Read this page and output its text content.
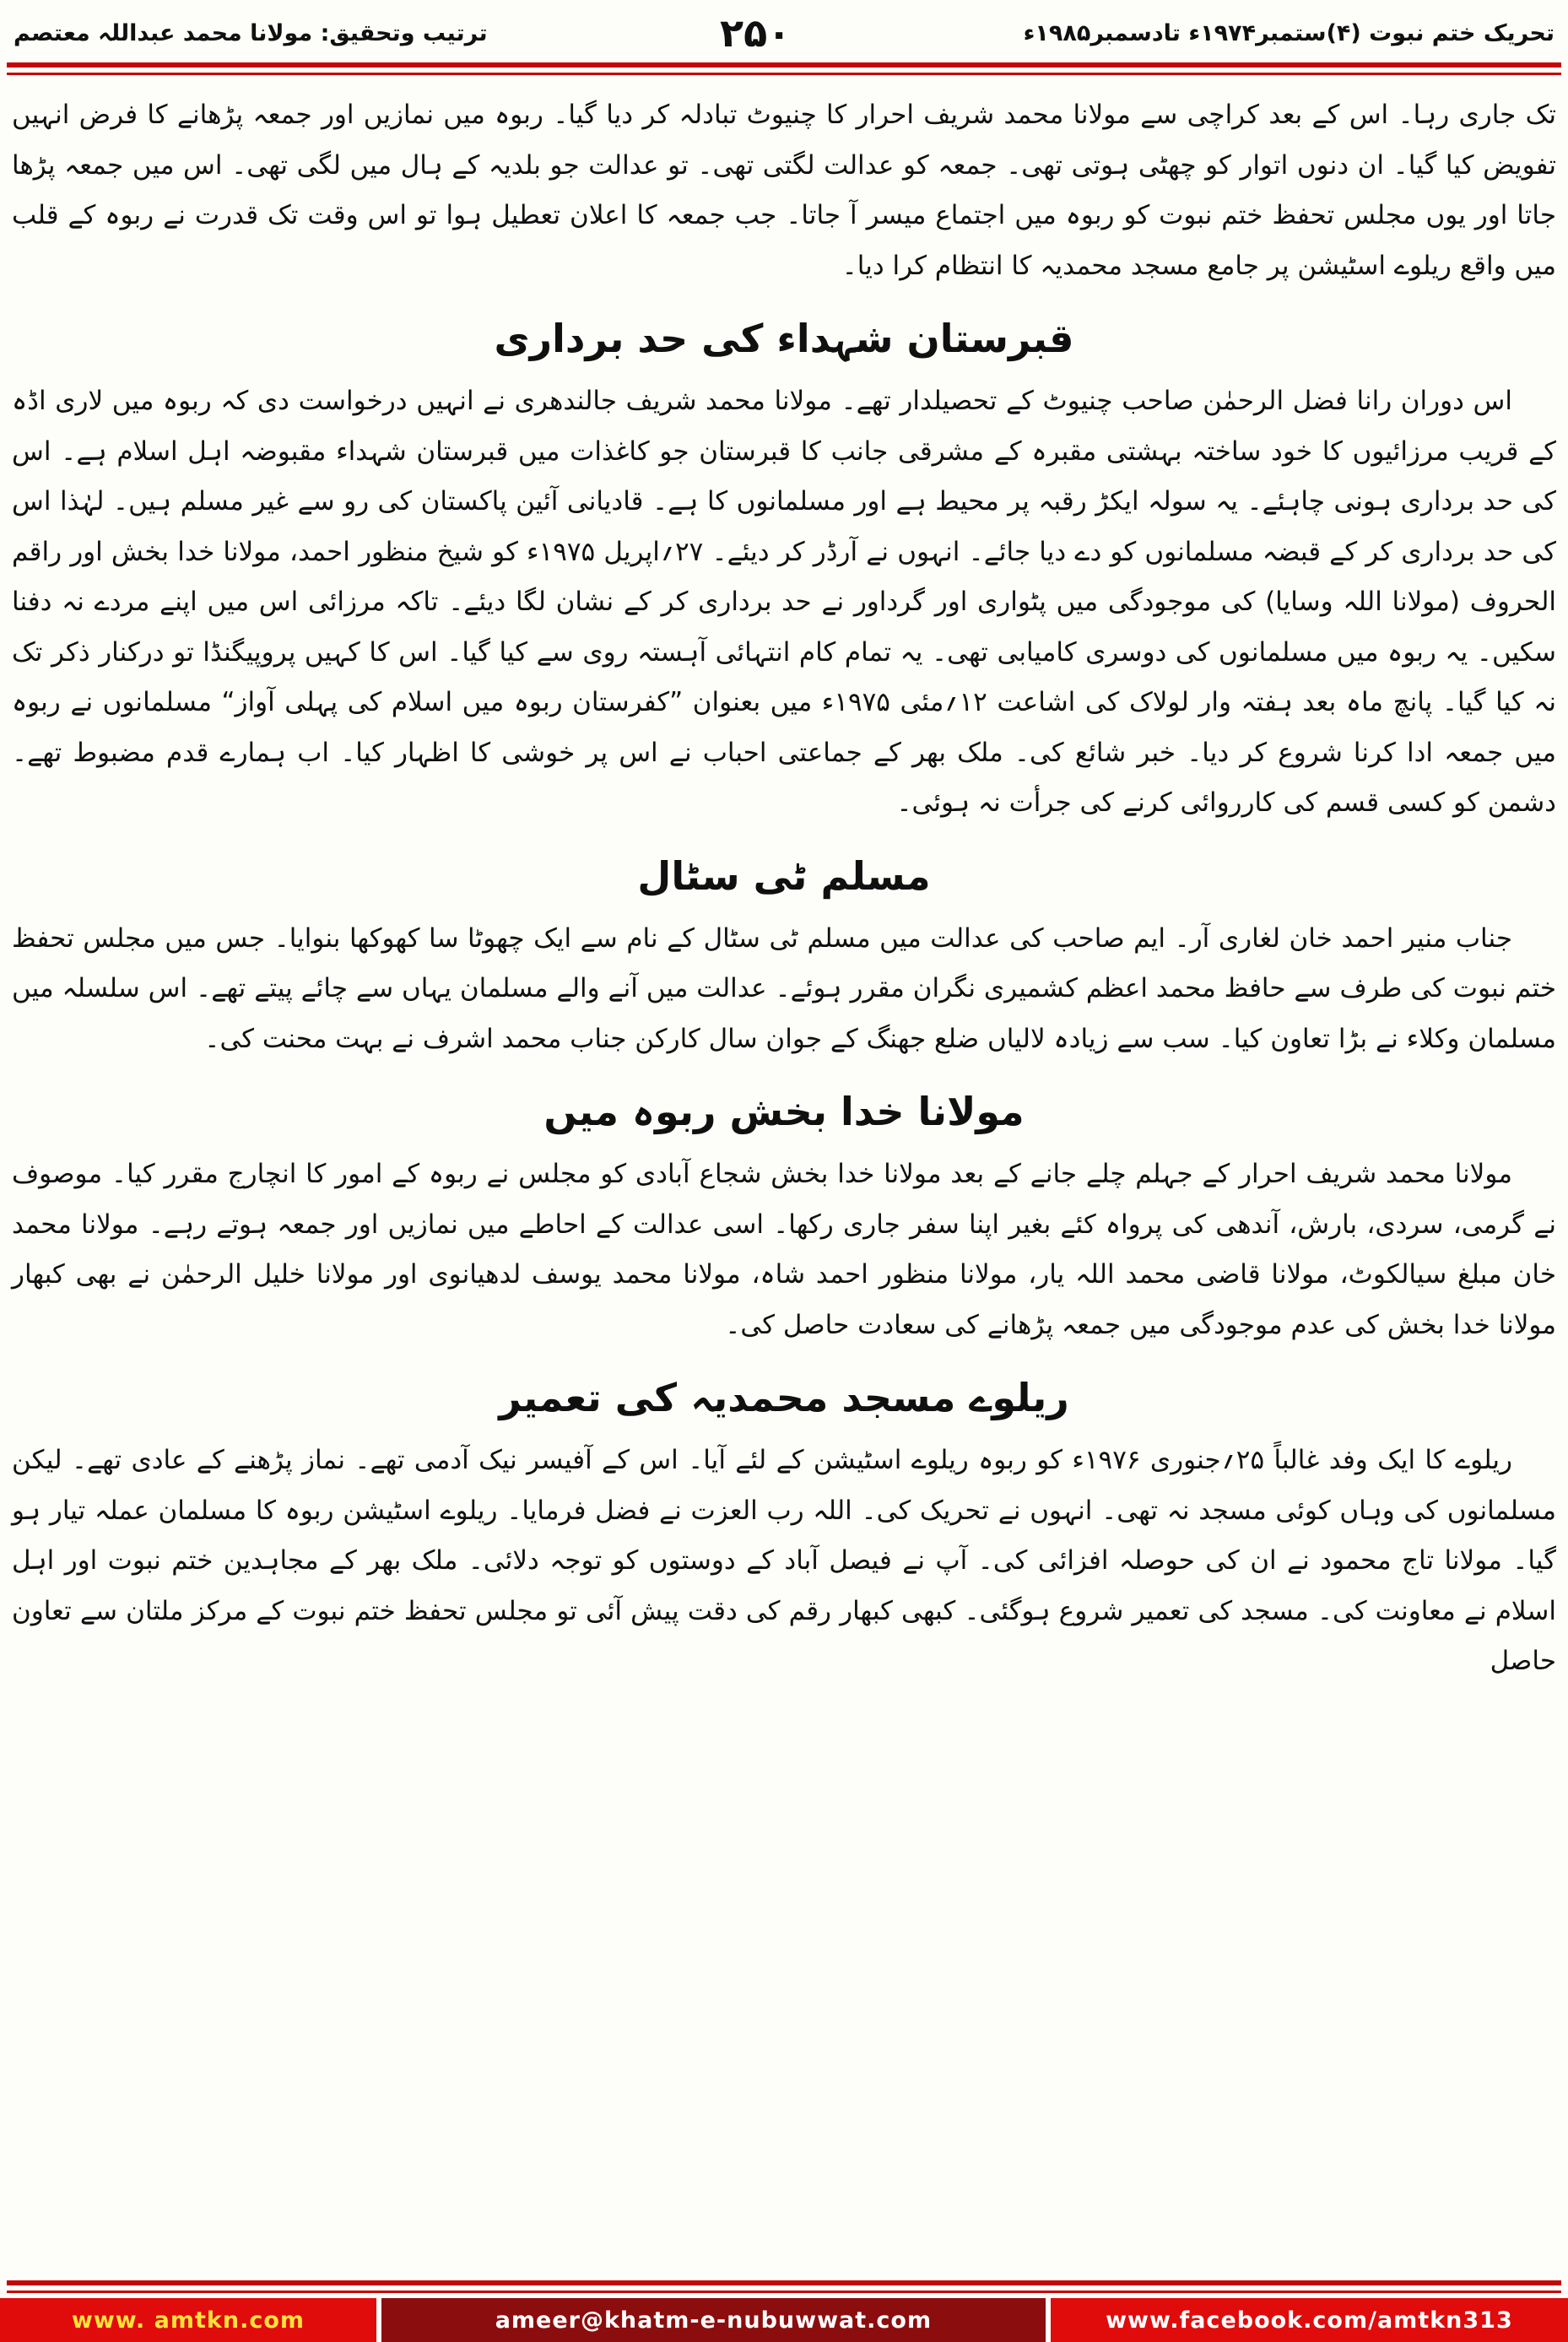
تحریک ختم نبوت (۴)ستمبر۱۹۷۴ء تادسمبر۱۹۸۵ء
۲۵۰
ترتیب وتحقیق: مولانا محمد عبداللہ معتصم

تک جاری رہا۔ اس کے بعد کراچی سے مولانا محمد شریف احرار کا چنیوٹ تبادلہ کر دیا گیا۔ ربوہ میں نمازیں اور جمعہ پڑھانے کا فرض انہیں تفویض کیا گیا۔ ان دنوں اتوار کو چھٹی ہوتی تھی۔ جمعہ کو عدالت لگتی تھی۔ تو عدالت جو بلدیہ کے ہال میں لگی تھی۔ اس میں جمعہ پڑھا جاتا اور یوں مجلس تحفظ ختم نبوت کو ربوہ میں اجتماع میسر آ جاتا۔ جب جمعہ کا اعلان تعطیل ہوا تو اس وقت تک قدرت نے ربوہ کے قلب میں واقع ریلوے اسٹیشن پر جامع مسجد محمدیہ کا انتظام کرا دیا۔

قبرستان شہداء کی حد برداری

اس دوران رانا فضل الرحمٰن صاحب چنیوٹ کے تحصیلدار تھے۔ مولانا محمد شریف جالندھری نے انہیں درخواست دی کہ ربوہ میں لاری اڈہ کے قریب مرزائیوں کا خود ساختہ بہشتی مقبرہ کے مشرقی جانب کا قبرستان جو کاغذات میں قبرستان شہداء مقبوضہ اہل اسلام ہے۔ اس کی حد برداری ہونی چاہئے۔ یہ سولہ ایکڑ رقبہ پر محیط ہے اور مسلمانوں کا ہے۔ قادیانی آئین پاکستان کی رو سے غیر مسلم ہیں۔ لہٰذا اس کی حد برداری کر کے قبضہ مسلمانوں کو دے دیا جائے۔ انہوں نے آرڈر کر دیئے۔ ۲۷؍اپریل ۱۹۷۵ء کو شیخ منظور احمد، مولانا خدا بخش اور راقم الحروف (مولانا اللہ وسایا) کی موجودگی میں پٹواری اور گرداور نے حد برداری کر کے نشان لگا دیئے۔ تاکہ مرزائی اس میں اپنے مردے نہ دفنا سکیں۔ یہ ربوہ میں مسلمانوں کی دوسری کامیابی تھی۔ یہ تمام کام انتہائی آہستہ روی سے کیا گیا۔ اس کا کہیں پروپیگنڈا تو درکنار ذکر تک نہ کیا گیا۔ پانچ ماہ بعد ہفتہ وار لولاک کی اشاعت ۱۲؍مئی ۱۹۷۵ء میں بعنوان ”کفرستان ربوہ میں اسلام کی پہلی آواز“ مسلمانوں نے ربوہ میں جمعہ ادا کرنا شروع کر دیا۔ خبر شائع کی۔ ملک بھر کے جماعتی احباب نے اس پر خوشی کا اظہار کیا۔ اب ہمارے قدم مضبوط تھے۔ دشمن کو کسی قسم کی کارروائی کرنے کی جرأت نہ ہوئی۔

مسلم ٹی سٹال

جناب منیر احمد خان لغاری آر۔ ایم صاحب کی عدالت میں مسلم ٹی سٹال کے نام سے ایک چھوٹا سا کھوکھا بنوایا۔ جس میں مجلس تحفظ ختم نبوت کی طرف سے حافظ محمد اعظم کشمیری نگران مقرر ہوئے۔ عدالت میں آنے والے مسلمان یہاں سے چائے پیتے تھے۔ اس سلسلہ میں مسلمان وکلاء نے بڑا تعاون کیا۔ سب سے زیادہ لالیاں ضلع جھنگ کے جوان سال کارکن جناب محمد اشرف نے بہت محنت کی۔

مولانا خدا بخش ربوہ میں

مولانا محمد شریف احرار کے جہلم چلے جانے کے بعد مولانا خدا بخش شجاع آبادی کو مجلس نے ربوہ کے امور کا انچارج مقرر کیا۔ موصوف نے گرمی، سردی، بارش، آندھی کی پرواہ کئے بغیر اپنا سفر جاری رکھا۔ اسی عدالت کے احاطے میں نمازیں اور جمعہ ہوتے رہے۔ مولانا محمد خان مبلغ سیالکوٹ، مولانا قاضی محمد اللہ یار، مولانا منظور احمد شاہ، مولانا محمد یوسف لدھیانوی اور مولانا خلیل الرحمٰن نے بھی کبھار مولانا خدا بخش کی عدم موجودگی میں جمعہ پڑھانے کی سعادت حاصل کی۔

ریلوے مسجد محمدیہ کی تعمیر

ریلوے کا ایک وفد غالباً ۲۵؍جنوری ۱۹۷۶ء کو ربوہ ریلوے اسٹیشن کے لئے آیا۔ اس کے آفیسر نیک آدمی تھے۔ نماز پڑھنے کے عادی تھے۔ لیکن مسلمانوں کی وہاں کوئی مسجد نہ تھی۔ انہوں نے تحریک کی۔ اللہ رب العزت نے فضل فرمایا۔ ریلوے اسٹیشن ربوہ کا مسلمان عملہ تیار ہو گیا۔ مولانا تاج محمود نے ان کی حوصلہ افزائی کی۔ آپ نے فیصل آباد کے دوستوں کو توجہ دلائی۔ ملک بھر کے مجاہدین ختم نبوت اور اہل اسلام نے معاونت کی۔ مسجد کی تعمیر شروع ہوگئی۔ کبھی کبھار رقم کی دقت پیش آئی تو مجلس تحفظ ختم نبوت کے مرکز ملتان سے تعاون حاصل

www. amtkn.com	ameer@khatm-e-nubuwwat.com	www.facebook.com/amtkn313
